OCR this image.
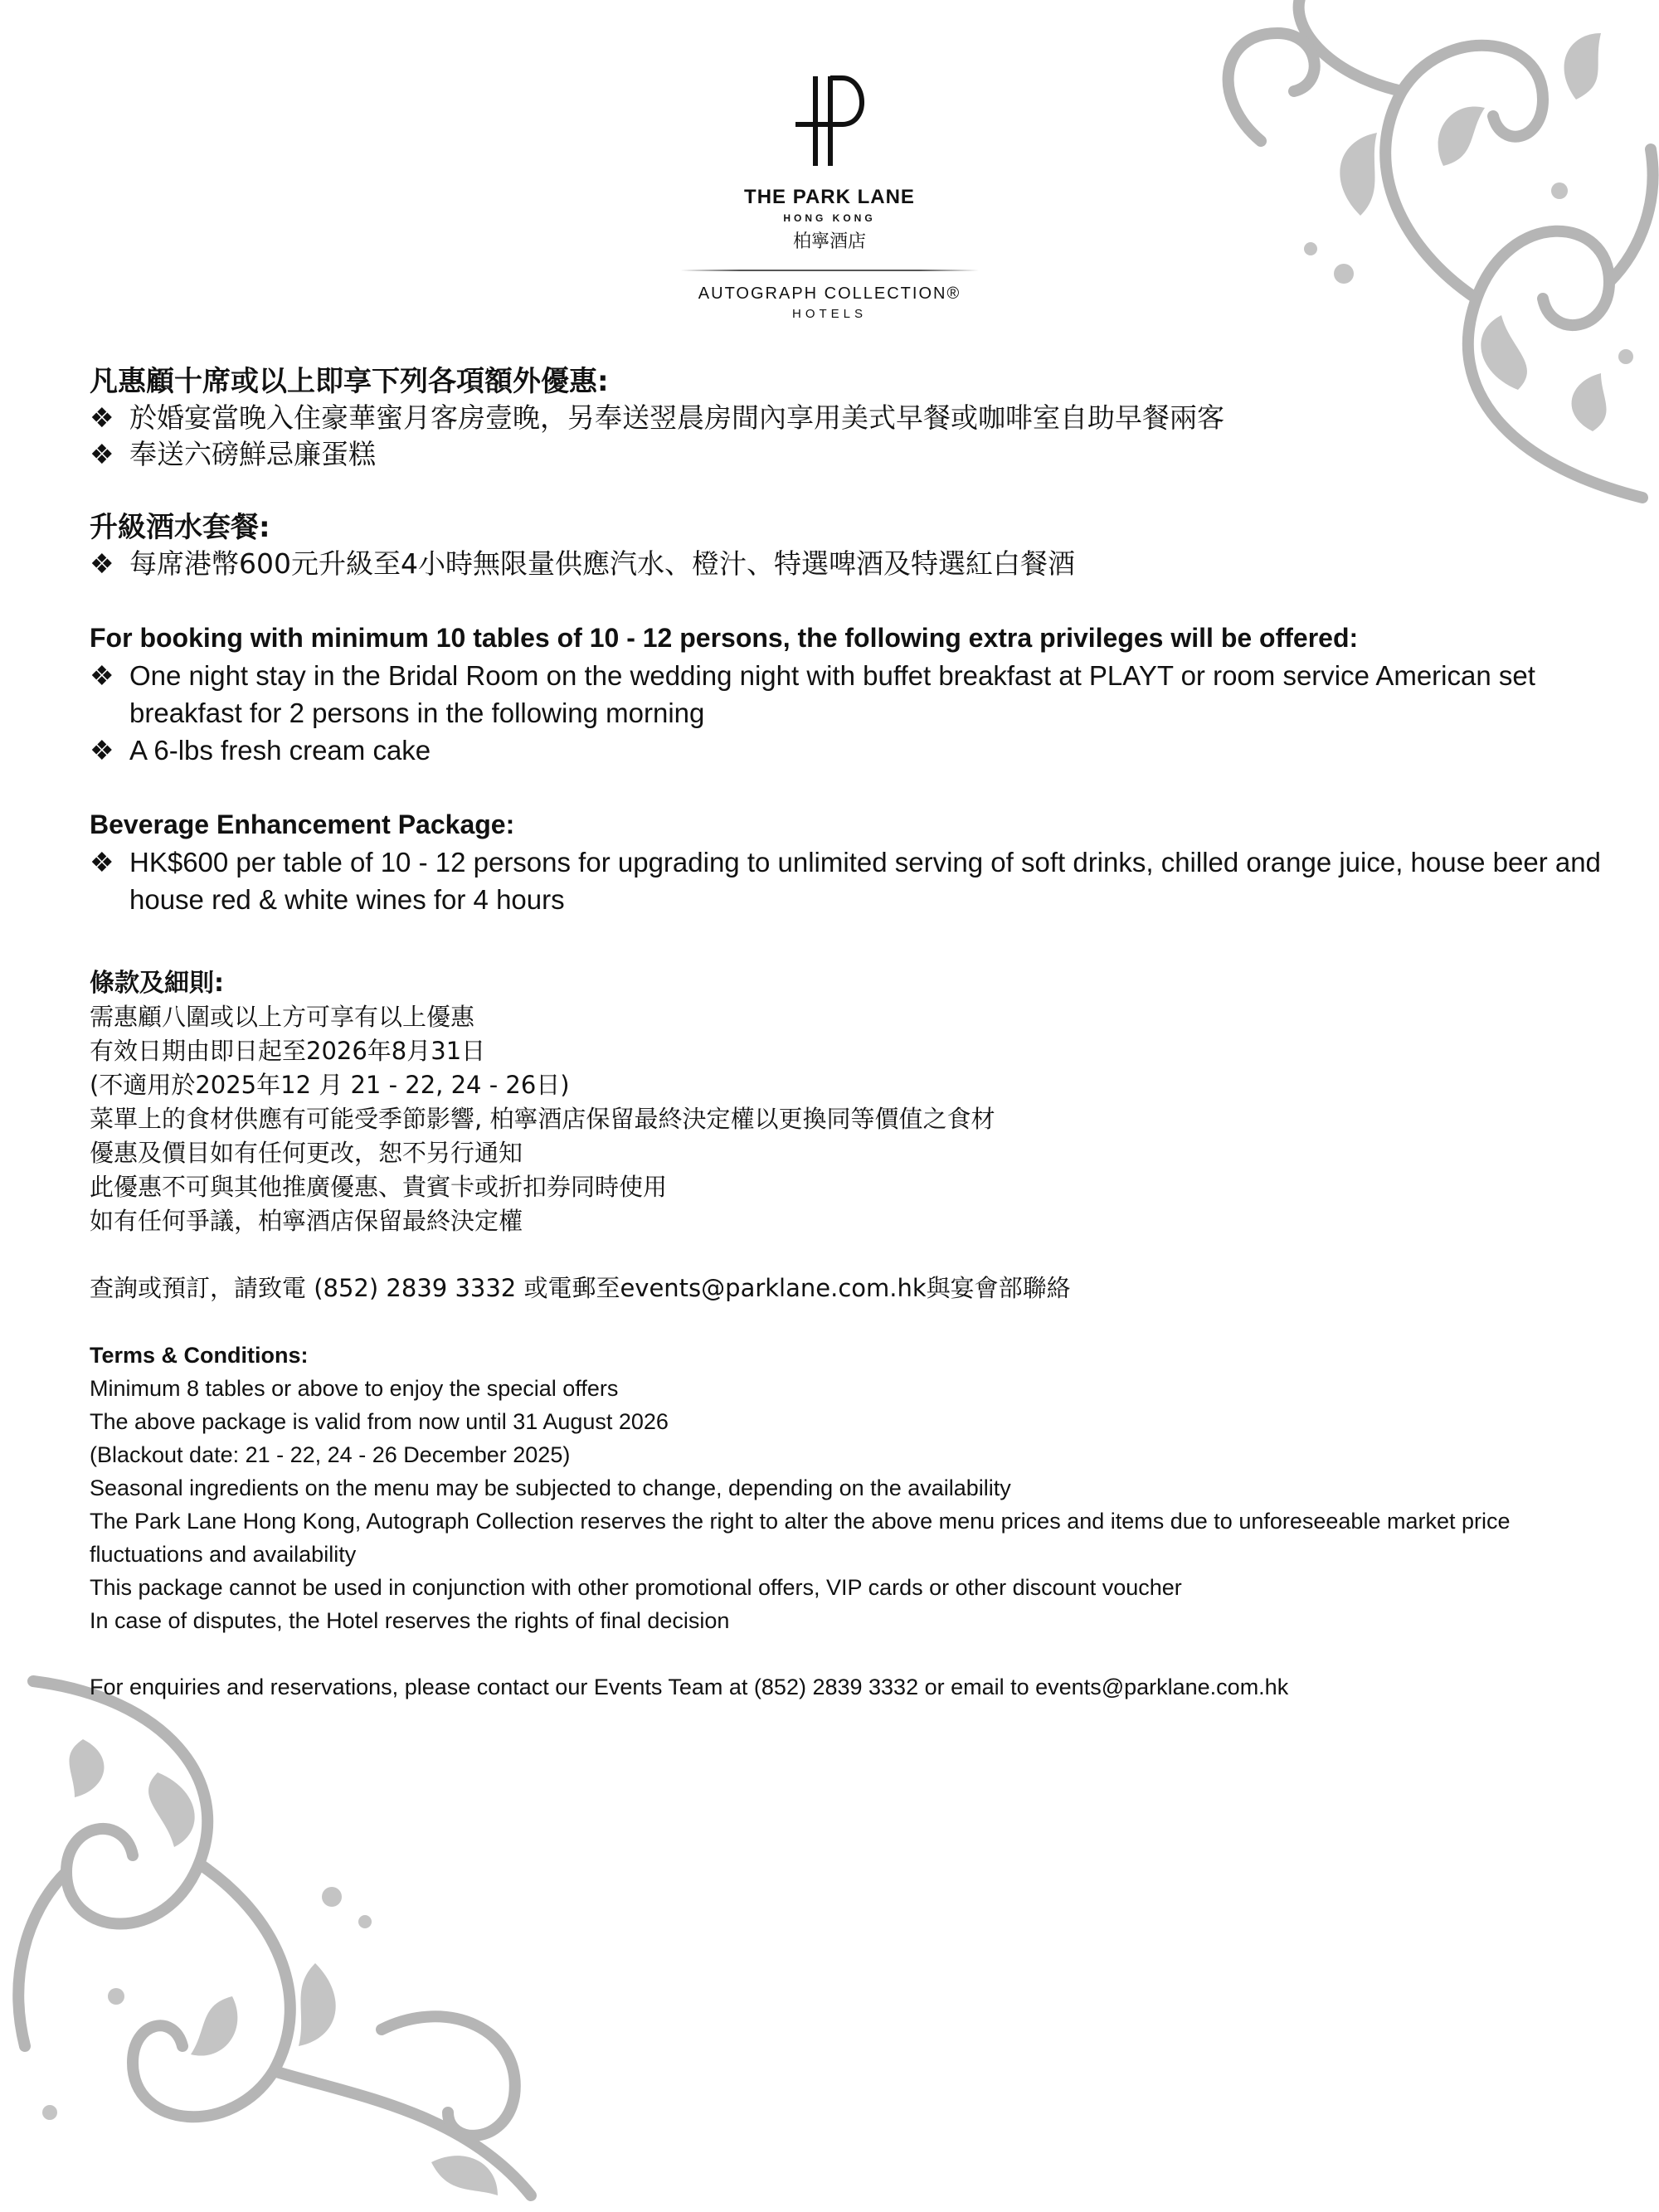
THE PARK LANE
HONG KONG
柏寧酒店
AUTOGRAPH COLLECTION®
HOTELS
凡惠顧十席或以上即享下列各項額外優惠:
❖ 於婚宴當晚入住豪華蜜月客房壹晚，另奉送翌晨房間內享用美式早餐或咖啡室自助早餐兩客
❖ 奉送六磅鮮忌廉蛋糕
升級酒水套餐:
❖ 每席港幣600元升級至4小時無限量供應汽水、橙汁、特選啤酒及特選紅白餐酒
For booking with minimum 10 tables of 10 - 12 persons, the following extra privileges will be offered:
❖ One night stay in the Bridal Room on the wedding night with buffet breakfast at PLAYT or room service American set breakfast for 2 persons in the following morning
❖ A 6-lbs fresh cream cake
Beverage Enhancement Package:
❖ HK$600 per table of 10 - 12 persons for upgrading to unlimited serving of soft drinks, chilled orange juice, house beer and house red & white wines for 4 hours
條款及細則:
需惠顧八圍或以上方可享有以上優惠
有效日期由即日起至2026年8月31日
(不適用於2025年12 月 21 - 22, 24 - 26日)
菜單上的食材供應有可能受季節影響, 柏寧酒店保留最終決定權以更換同等價值之食材
優惠及價目如有任何更改，恕不另行通知
此優惠不可與其他推廣優惠、貴賓卡或折扣券同時使用
如有任何爭議，柏寧酒店保留最終決定權
查詢或預訂，請致電 (852) 2839 3332 或電郵至events@parklane.com.hk與宴會部聯絡
Terms & Conditions:
Minimum 8 tables or above to enjoy the special offers
The above package is valid from now until 31 August 2026
(Blackout date: 21 - 22, 24 - 26 December 2025)
Seasonal ingredients on the menu may be subjected to change, depending on the availability
The Park Lane Hong Kong, Autograph Collection reserves the right to alter the above menu prices and items due to unforeseeable market price fluctuations and availability
This package cannot be used in conjunction with other promotional offers, VIP cards or other discount voucher
In case of disputes, the Hotel reserves the rights of final decision
For enquiries and reservations, please contact our Events Team at (852) 2839 3332 or email to events@parklane.com.hk
